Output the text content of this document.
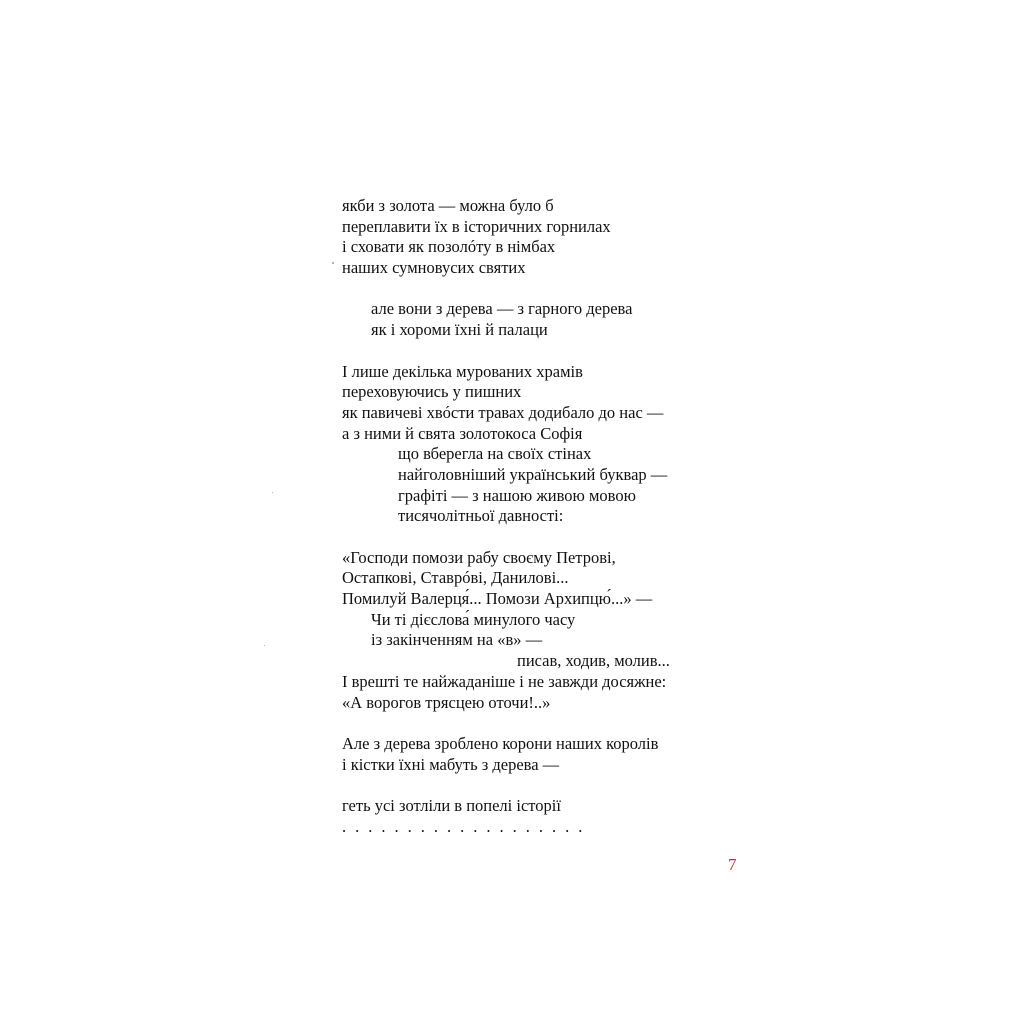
якби з золота — можна було б
переплавити їх в історичних горнилах
і сховати як позолóту в німбах
наших сумновусих святих
але вони з дерева — з гарного дерева
як і хороми їхні й палаци
І лише декілька мурованих храмів
переховуючись у пишних
як павичеві хвóсти травах додибало до нас —
а з ними й свята золотокоса Софія
що вберегла на своїх стінах
найголовніший український буквар —
графіті — з нашою живою мовою
тисячолітньої давності:
«Господи помози рабу своєму Петрові,
Остапкові, Ставрóві, Даниловi...
Помилуй Валерця́... Помози Архипцю́...» —
Чи ті дієслова́ минулого часу
із закінченням на «в» —
писав, ходив, молив...
І врешті те найжаданіше і не завжди досяжне:
«А ворогов трясцею оточи!..»
Але з дерева зроблено корони наших королів
і кістки їхні мабуть з дерева —
геть усі зотліли в попелі історії
...................
7
